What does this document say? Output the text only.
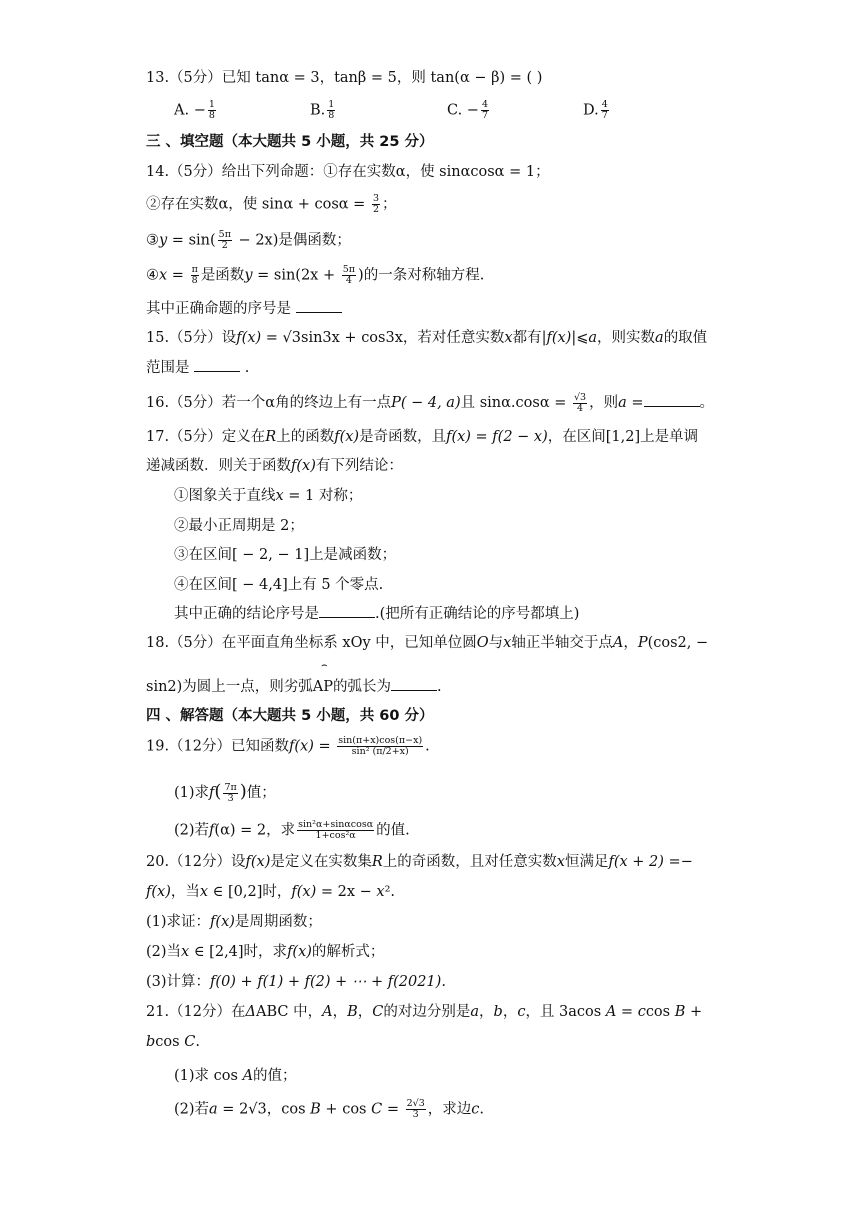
13.（5分）已知 tanα = 3，tanβ = 5，则 tan(α − β) = ( )
A. − $\frac{1}{8}$	B. $\frac{1}{8}$	C. − $\frac{4}{7}$	D. $\frac{4}{7}$
三 、填空题（本大题共 5 小题，共 25 分）
14.（5分）给出下列命题：①存在实数α，使 sinαcosα = 1；
②存在实数α，使 $\sin\alpha + \cos\alpha = \frac{3}{2}$ ；
③y = $\sin( \frac{5\pi}{2} - 2x)$是偶函数；
④x = $\frac{\pi}{8}$ 是函数$y = \sin(2x + \frac{5\pi}{4}$ )的一条对称轴方程.
其中正确命题的序号是
15.（5分）设f(x) = √3sin3x + cos3x，若对任意实数x都有|f(x)|⩽a，则实数a的取值
范围是	.
16.（5分）若一个α角的终边上有一点P( − 4, a)且 $\sin\alpha.\cos\alpha = \frac{√3}{4}$ ，则a =	。
17.（5分）定义在R上的函数f(x)是奇函数，且f(x) = f(2 − x)，在区间[1,2]上是单调
递减函数．则关于函数f(x)有下列结论：
①图象关于直线x = 1 对称；
②最小正周期是 2；
③在区间[ − 2, − 1]上是减函数；
④在区间[ − 4,4]上有 5 个零点.
其中正确的结论序号是	.(把所有正确结论的序号都填上)
18.（5分）在平面直角坐标系 xOy 中，已知单位圆O与x轴正半轴交于点A，P(cos2, −
⌢
sin2)为圆上一点，则劣弧AP的弧长为	.
四 、解答题（本大题共 5 小题，共 60 分）
19.（12分）已知函数$f(x) = \frac{\sin(\pi+x)\cos(\pi-x)}{\text{sin² (π/2+x)}}$ .
(1)求$f( \frac{7\pi}{3}$ )值；
(2)若f(α) = 2，求 $\frac{\text{sin²α+sinαcosα}}{\text{1+cos²α}}$ 的值.
20.（12分）设f(x)是定义在实数集R上的奇函数，且对任意实数x恒满足f(x + 2) =−
f(x)，当x ∈ [0,2]时，f(x) = 2x − x².
(1)求证：f(x)是周期函数；
(2)当x ∈ [2,4]时，求f(x)的解析式；
(3)计算：f(0) + f(1) + f(2) + ⋯ + f(2021).
21.（12分）在ΔABC 中，A，B，C的对边分别是a，b，c，且 3acos A = ccos B +
bcos C.
(1)求 cos A的值；
(2)若a = 2√3，$\cos B + \cos C = \frac{2√3}{3}$ ，求边c.
